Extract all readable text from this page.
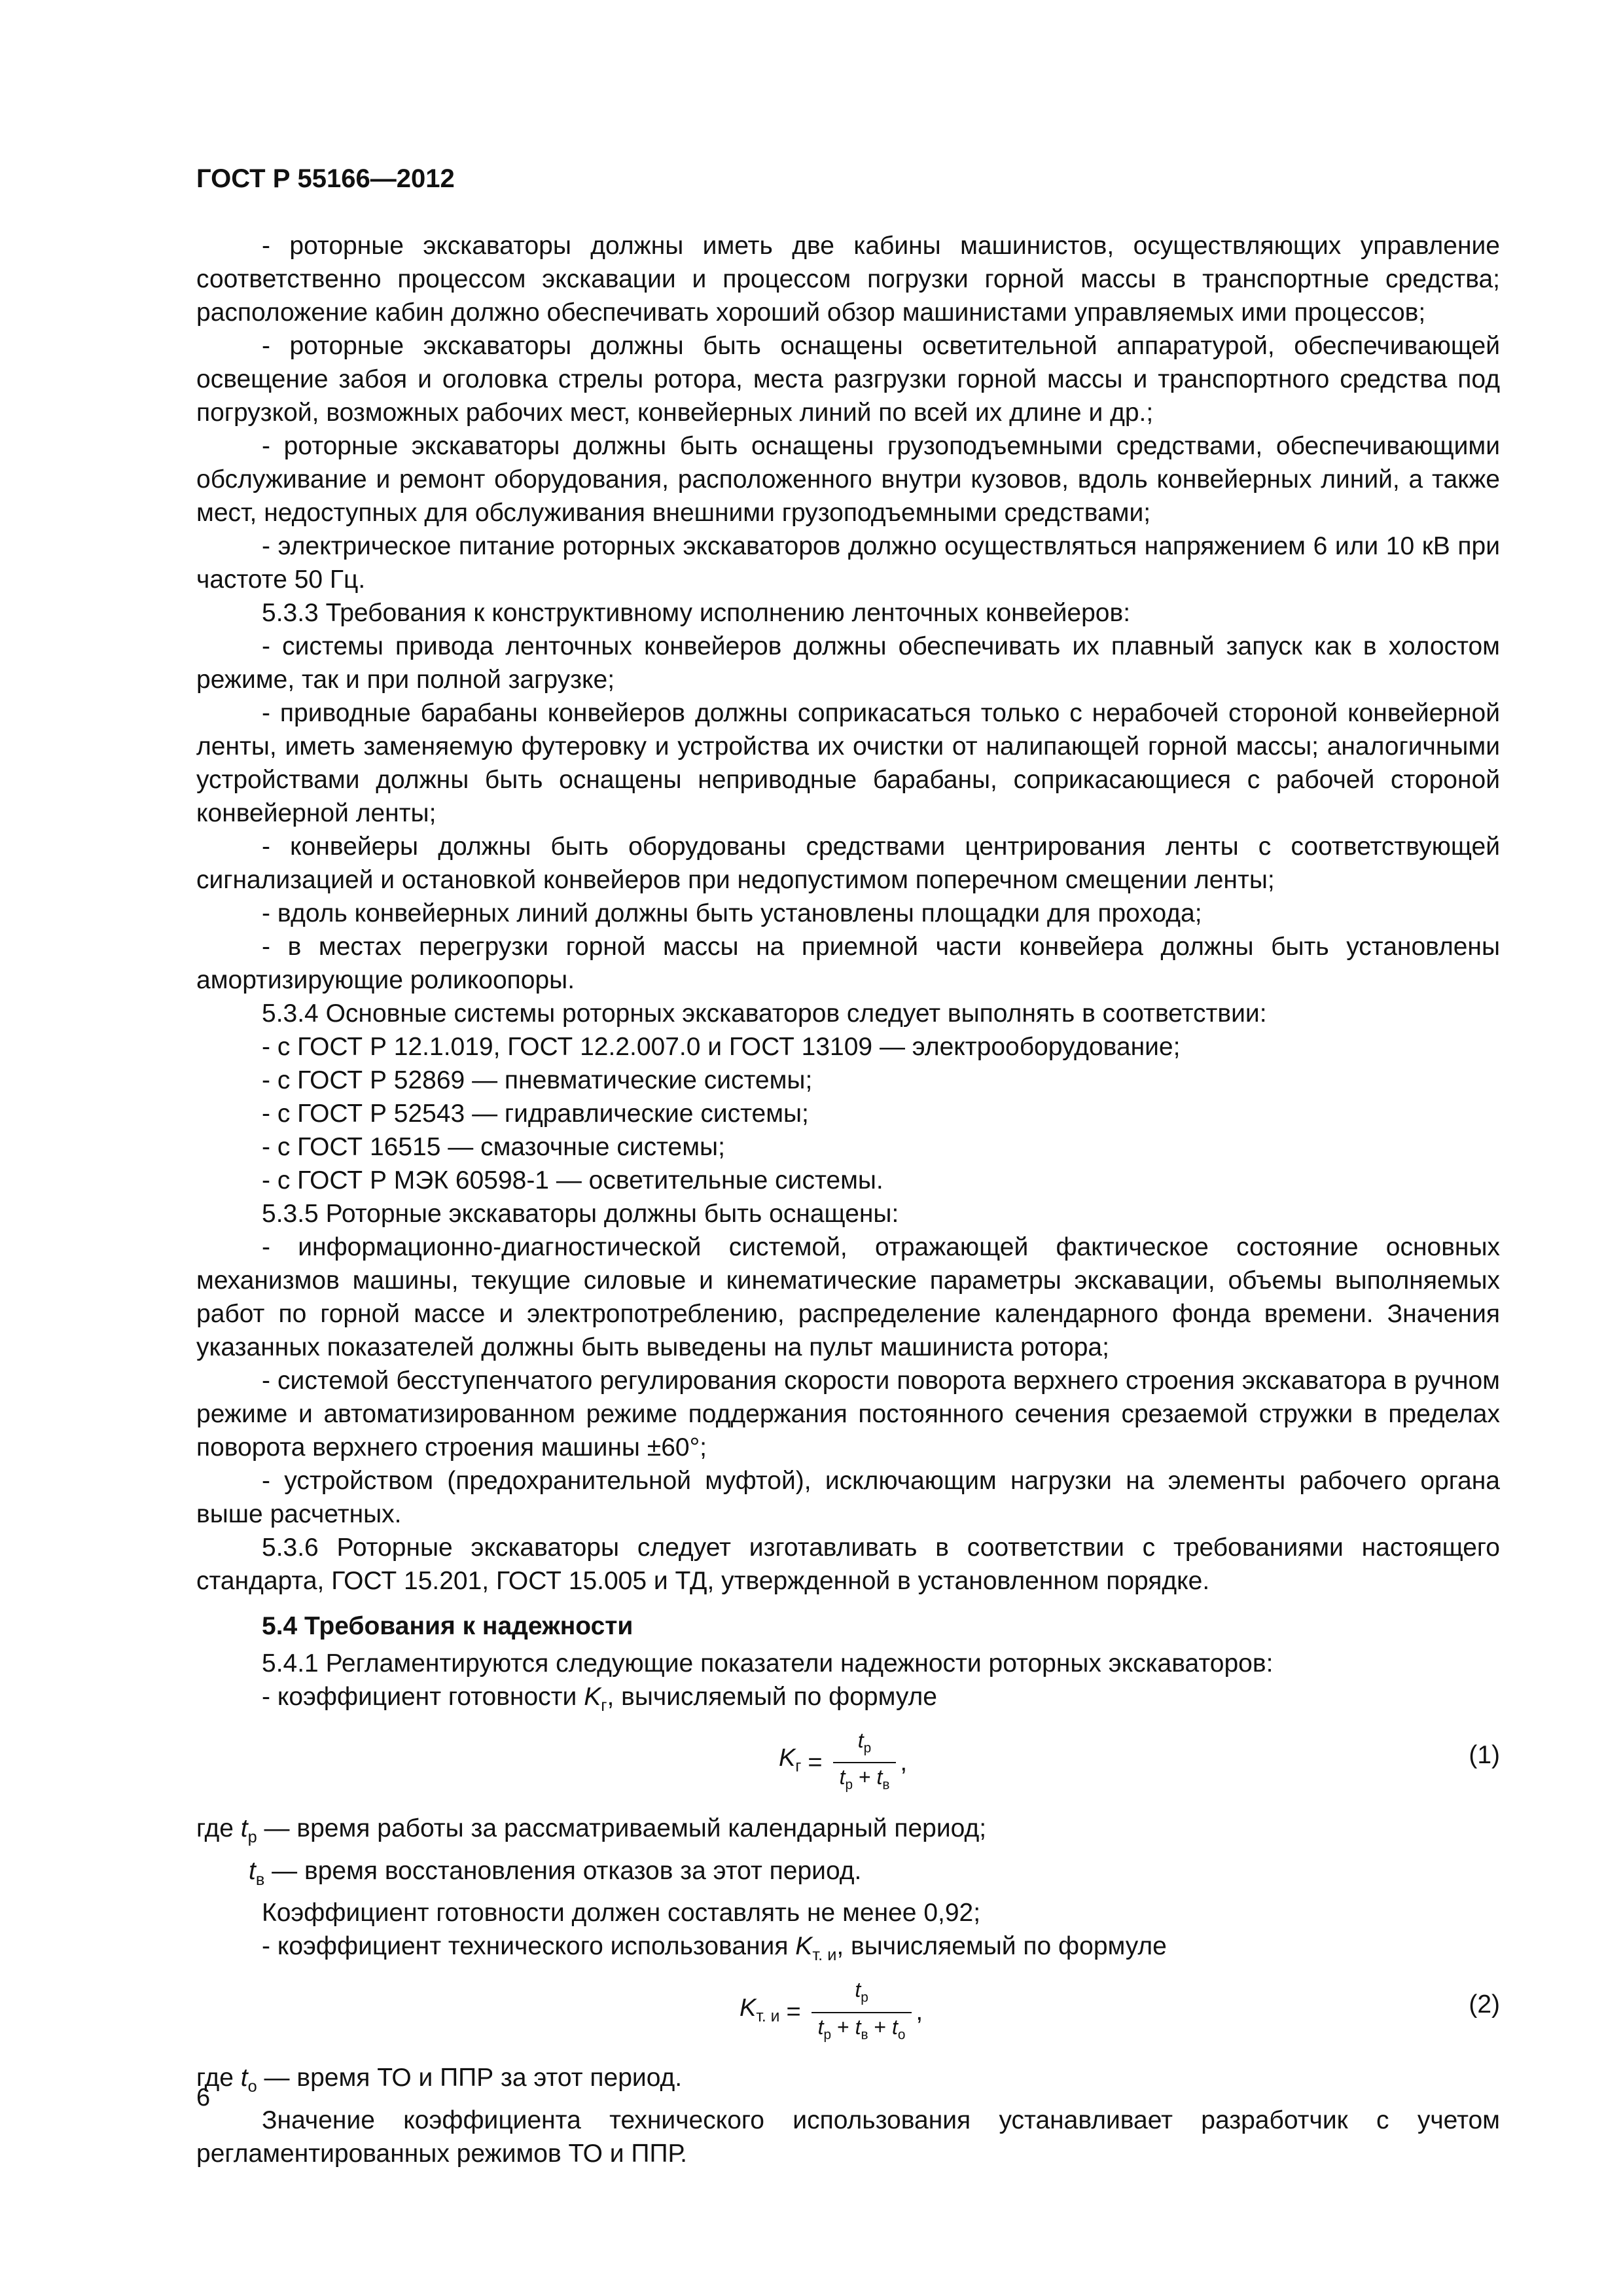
ГОСТ Р 55166—2012

- роторные экскаваторы должны иметь две кабины машинистов, осуществляющих управление соответственно процессом экскавации и процессом погрузки горной массы в транспортные средства; расположение кабин должно обеспечивать хороший обзор машинистами управляемых ими процессов;

- роторные экскаваторы должны быть оснащены осветительной аппаратурой, обеспечивающей освещение забоя и оголовка стрелы ротора, места разгрузки горной массы и транспортного средства под погрузкой, возможных рабочих мест, конвейерных линий по всей их длине и др.;

- роторные экскаваторы должны быть оснащены грузоподъемными средствами, обеспечивающими обслуживание и ремонт оборудования, расположенного внутри кузовов, вдоль конвейерных линий, а также мест, недоступных для обслуживания внешними грузоподъемными средствами;

- электрическое питание роторных экскаваторов должно осуществляться напряжением 6 или 10 кВ при частоте 50 Гц.

5.3.3 Требования к конструктивному исполнению ленточных конвейеров:

- системы привода ленточных конвейеров должны обеспечивать их плавный запуск как в холостом режиме, так и при полной загрузке;

- приводные барабаны конвейеров должны соприкасаться только с нерабочей стороной конвейерной ленты, иметь заменяемую футеровку и устройства их очистки от налипающей горной массы; аналогичными устройствами должны быть оснащены неприводные барабаны, соприкасающиеся с рабочей стороной конвейерной ленты;

- конвейеры должны быть оборудованы средствами центрирования ленты с соответствующей сигнализацией и остановкой конвейеров при недопустимом поперечном смещении ленты;

- вдоль конвейерных линий должны быть установлены площадки для прохода;

- в местах перегрузки горной массы на приемной части конвейера должны быть установлены амортизирующие роликоопоры.

5.3.4 Основные системы роторных экскаваторов следует выполнять в соответствии:

- с ГОСТ Р 12.1.019, ГОСТ 12.2.007.0 и ГОСТ 13109 — электрооборудование;

- с ГОСТ Р 52869 — пневматические системы;

- с ГОСТ Р 52543 — гидравлические системы;

- с ГОСТ 16515 — смазочные системы;

- с ГОСТ Р МЭК 60598-1 — осветительные системы.

5.3.5 Роторные экскаваторы должны быть оснащены:

- информационно-диагностической системой, отражающей фактическое состояние основных механизмов машины, текущие силовые и кинематические параметры экскавации, объемы выполняемых работ по горной массе и электропотреблению, распределение календарного фонда времени. Значения указанных показателей должны быть выведены на пульт машиниста ротора;

- системой бесступенчатого регулирования скорости поворота верхнего строения экскаватора в ручном режиме и автоматизированном режиме поддержания постоянного сечения срезаемой стружки в пределах поворота верхнего строения машины ±60°;

- устройством (предохранительной муфтой), исключающим нагрузки на элементы рабочего органа выше расчетных.

5.3.6 Роторные экскаваторы следует изготавливать в соответствии с требованиями настоящего стандарта, ГОСТ 15.201, ГОСТ 15.005 и ТД, утвержденной в установленном порядке.

5.4 Требования к надежности

5.4.1 Регламентируются следующие показатели надежности роторных экскаваторов:

- коэффициент готовности $K_г$, вычисляемый по формуле

$K_г = \frac{t_р}{t_р + t_в}$ ,	(1)

где $t_р$ — время работы за рассматриваемый календарный период;

$t_в$ — время восстановления отказов за этот период.

Коэффициент готовности должен составлять не менее 0,92;

- коэффициент технического использования $K_{т. и}$, вычисляемый по формуле

$K_{т. и} = \frac{t_р}{t_р + t_в + t_о}$ ,	(2)

где $t_о$ — время ТО и ППР за этот период.

Значение коэффициента технического использования устанавливает разработчик с учетом регламентированных режимов ТО и ППР.

6
